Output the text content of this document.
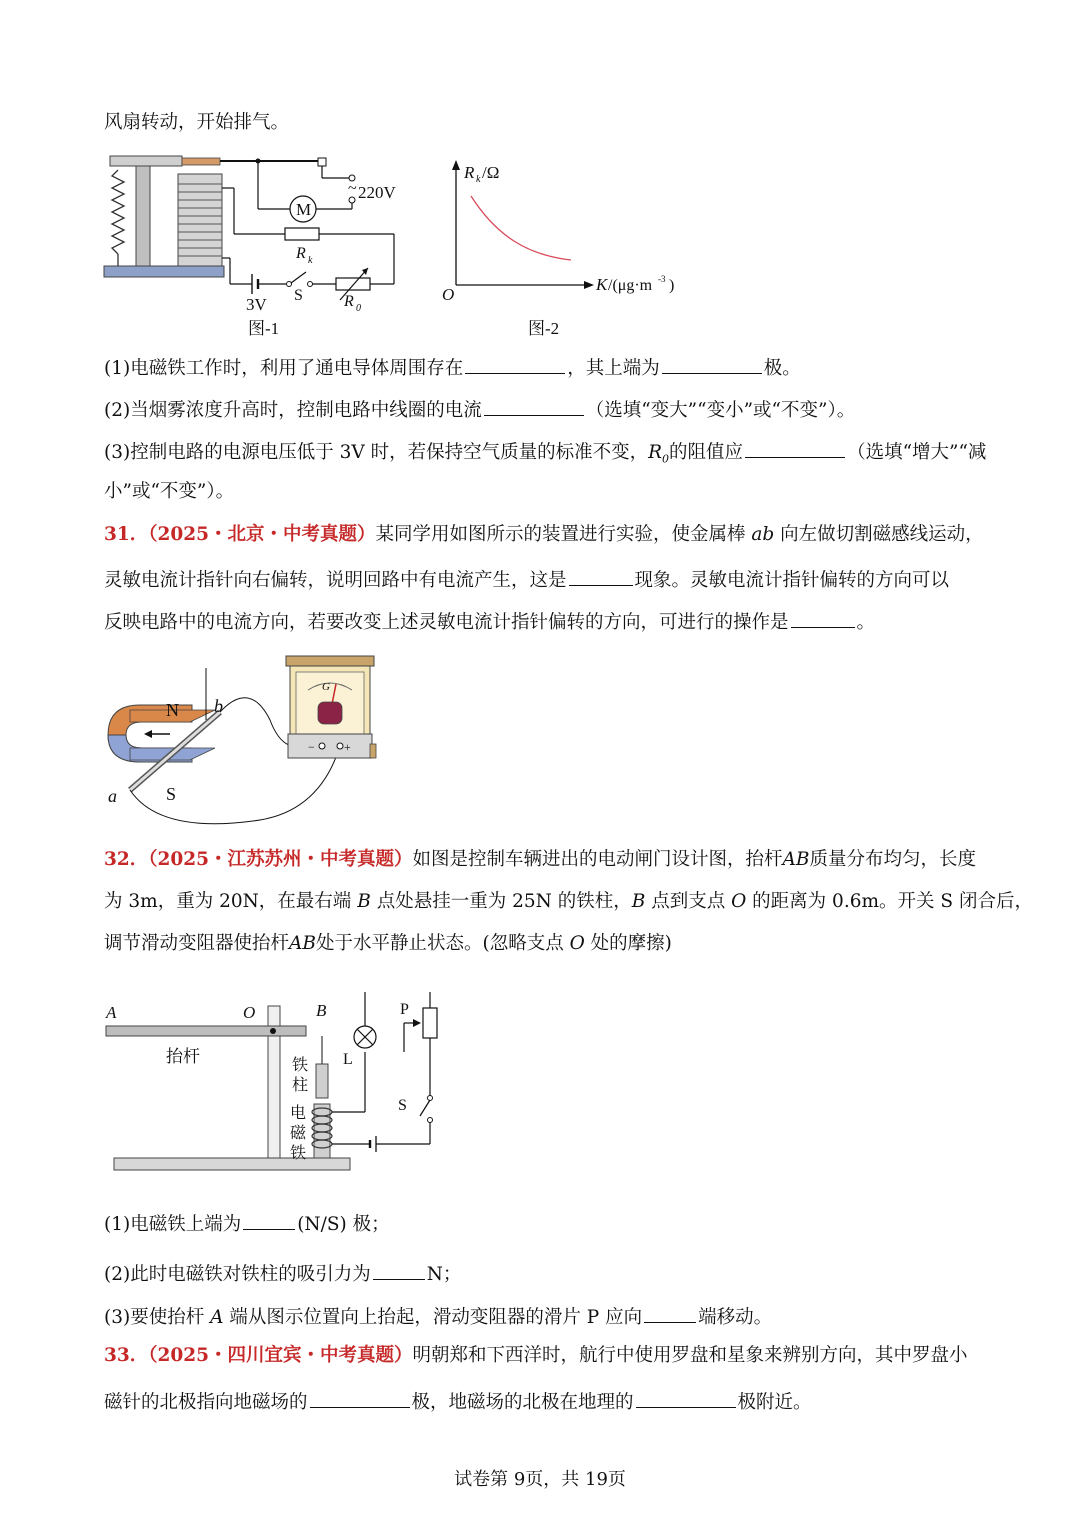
风扇转动，开始排气。
M
~ 220V
R k
3V S	R 0
图-1
R k /Ω
K /(μg·m -3 )
O
图-2
(1)电磁铁工作时，利用了通电导体周围存在	，其上端为	极。
(2)当烟雾浓度升高时，控制电路中线圈的电流	（选填“变大”“变小”或“不变”）。
(3)控制电路的电源电压低于 3V 时，若保持空气质量的标准不变，$R_0$的阻值应	（选填“增大”“减
小”或“不变”）。
31．（2025・北京・中考真题）某同学用如图所示的装置进行实验，使金属棒 ab 向左做切割磁感线运动，
灵敏电流计指针向右偏转，说明回路中有电流产生，这是	现象。灵敏电流计指针偏转的方向可以
反映电路中的电流方向，若要改变上述灵敏电流计指针偏转的方向，可进行的操作是	。
N
S
b
a
G
− +
32．（2025・江苏苏州・中考真题）如图是控制车辆进出的电动闸门设计图，抬杆AB质量分布均匀，长度
为 3m，重为 20N，在最右端 B 点处悬挂一重为 25N 的铁柱，B 点到支点 O 的距离为 0.6m。开关 S 闭合后，
调节滑动变阻器使抬杆AB处于水平静止状态。(忽略支点 O 处的摩擦)
A	O	B
抬杆	铁
柱
电
磁
铁
L
P
S
(1)电磁铁上端为	(N/S) 极；
(2)此时电磁铁对铁柱的吸引力为	N；
(3)要使抬杆 A 端从图示位置向上抬起，滑动变阻器的滑片 P 应向	端移动。
33．（2025・四川宜宾・中考真题）明朝郑和下西洋时，航行中使用罗盘和星象来辨别方向，其中罗盘小
磁针的北极指向地磁场的	极，地磁场的北极在地理的	极附近。
试卷第 9页，共 19页
